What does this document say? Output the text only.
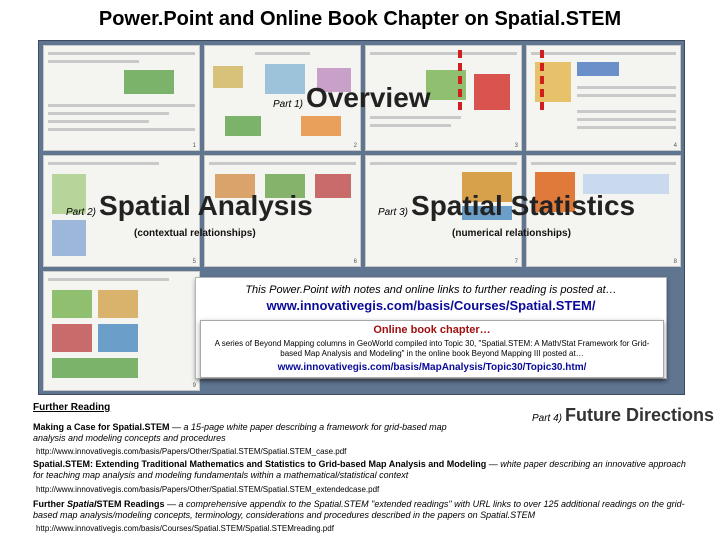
Power.Point and Online Book Chapter on Spatial.STEM
1	2	3	4
5	6	7	8
9
Part 1) Overview
Part 2) Spatial Analysis
(contextual relationships)
Part 3) Spatial Statistics
(numerical relationships)
This Power.Point with notes and online links to further reading is posted at…
www.innovativegis.com/basis/Courses/Spatial.STEM/
Online book chapter…
A series of Beyond Mapping columns in GeoWorld compiled into Topic 30, "Spatial.STEM: A Math/Stat Framework for Grid-based Map Analysis and Modeling" in the online book Beyond Mapping III posted at…
www.innovativegis.com/basis/MapAnalysis/Topic30/Topic30.htm/
Further Reading
Part 4) Future Directions
Making a Case for Spatial.STEM — a 15-page white paper describing a framework for grid-based map analysis and modeling concepts and procedures
http://www.innovativegis.com/basis/Papers/Other/Spatial.STEM/Spatial.STEM_case.pdf
Spatial.STEM: Extending Traditional Mathematics and Statistics to Grid-based Map Analysis and Modeling — white paper describing an innovative approach for teaching map analysis and modeling fundamentals within a mathematical/statistical context
http://www.innovativegis.com/basis/Papers/Other/Spatial.STEM/Spatial.STEM_extendedcase.pdf
Further SpatialSTEM Readings — a comprehensive appendix to the Spatial.STEM "extended readings" with URL links to over 125 additional readings on the grid-based map analysis/modeling concepts, terminology, considerations and procedures described in the papers on Spatial.STEM
http://www.innovativegis.com/basis/Courses/Spatial.STEM/Spatial.STEMreading.pdf
